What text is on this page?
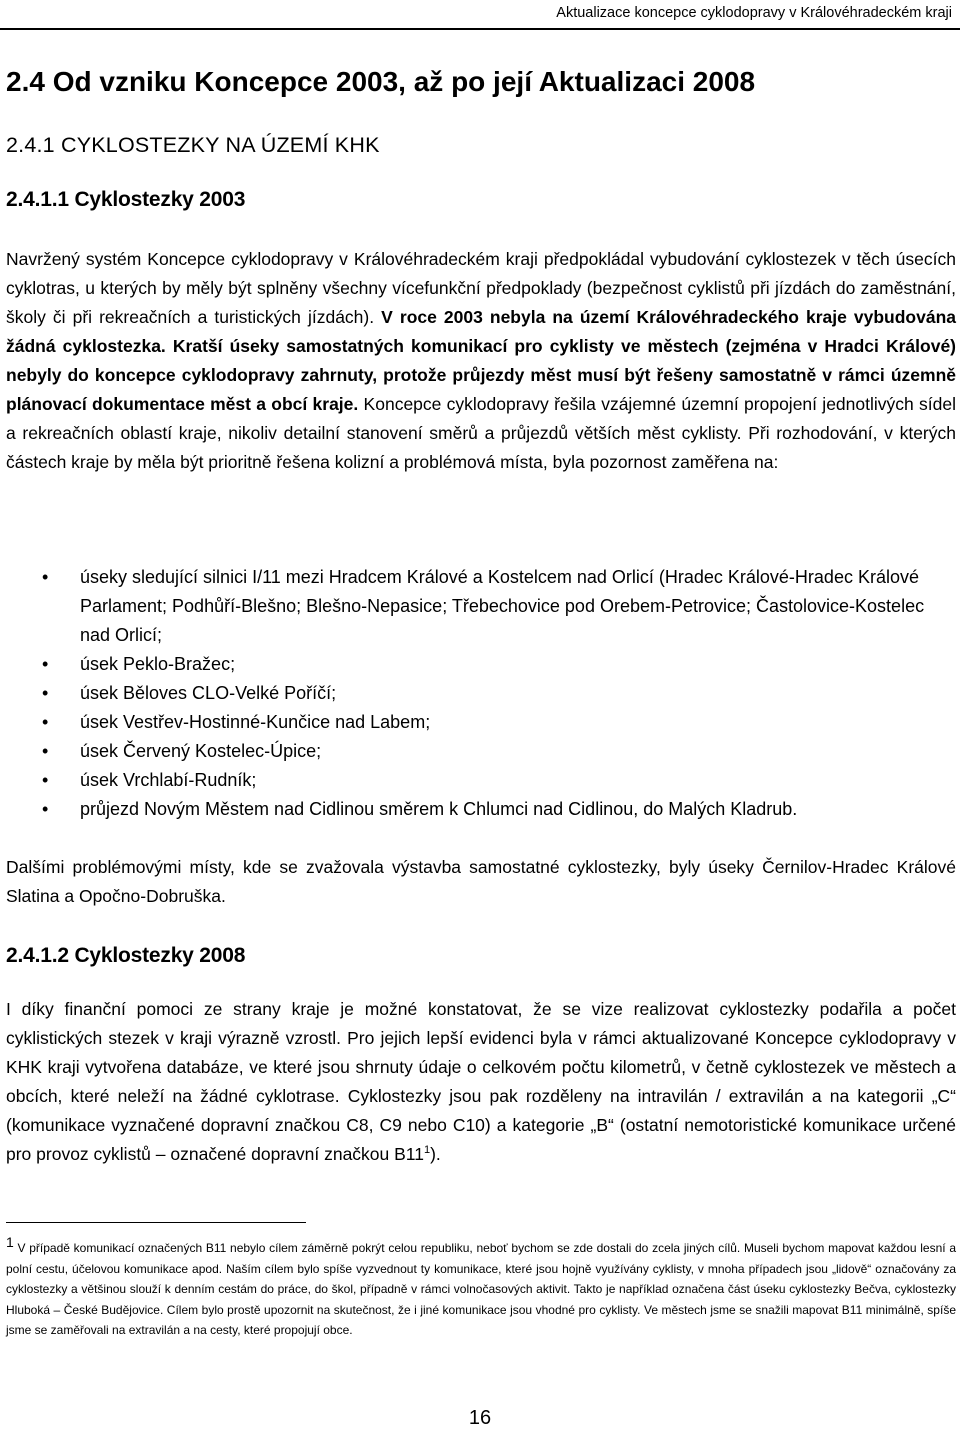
Aktualizace koncepce cyklodopravy v Královéhradeckém kraji
2.4 Od vzniku Koncepce 2003, až po její Aktualizaci 2008
2.4.1 CYKLOSTEZKY NA ÚZEMÍ KHK
2.4.1.1 Cyklostezky 2003

Navržený systém Koncepce cyklodopravy v Královéhradeckém kraji předpokládal vybudování cyklostezek v těch úsecích cyklotras, u kterých by měly být splněny všechny vícefunkční předpoklady (bezpečnost cyklistů při jízdách do zaměstnání, školy či při rekreačních a turistických jízdách). V roce 2003 nebyla na území Královéhradeckého kraje vybudována žádná cyklostezka. Kratší úseky samostatných komunikací pro cyklisty ve městech (zejména v Hradci Králové) nebyly do koncepce cyklodopravy zahrnuty, protože průjezdy měst musí být řešeny samostatně v rámci územně plánovací dokumentace měst a obcí kraje. Koncepce cyklodopravy řešila vzájemné územní propojení jednotlivých sídel a rekreačních oblastí kraje, nikoliv detailní stanovení směrů a průjezdů větších měst cyklisty. Při rozhodování, v kterých částech kraje by měla být prioritně řešena kolizní a problémová místa, byla pozornost zaměřena na:

• úseky sledující silnici I/11 mezi Hradcem Králové a Kostelcem nad Orlicí (Hradec Králové-Hradec Králové Parlament; Podhůří-Blešno; Blešno-Nepasice; Třebechovice pod Orebem-Petrovice; Častolovice-Kostelec nad Orlicí;
• úsek Peklo-Bražec;
• úsek Běloves CLO-Velké Poříčí;
• úsek Vestřev-Hostinné-Kunčice nad Labem;
• úsek Červený Kostelec-Úpice;
• úsek Vrchlabí-Rudník;
• průjezd Novým Městem nad Cidlinou směrem k Chlumci nad Cidlinou, do Malých Kladrub.

Dalšími problémovými místy, kde se zvažovala výstavba samostatné cyklostezky, byly úseky Černilov-Hradec Králové Slatina a Opočno-Dobruška.

2.4.1.2 Cyklostezky 2008

I díky finanční pomoci ze strany kraje je možné konstatovat, že se vize realizovat cyklostezky podařila a počet cyklistických stezek v kraji výrazně vzrostl. Pro jejich lepší evidenci byla v rámci aktualizované Koncepce cyklodopravy v KHK kraji vytvořena databáze, ve které jsou shrnuty údaje o celkovém počtu kilometrů, v četně cyklostezek ve městech a obcích, které neleží na žádné cyklotrase. Cyklostezky jsou pak rozděleny na intravilán / extravilán a na kategorii „C“ (komunikace vyznačené dopravní značkou C8, C9 nebo C10) a kategorie „B“ (ostatní nemotoristické komunikace určené pro provoz cyklistů – označené dopravní značkou $B11^1$).

1 V případě komunikací označených B11 nebylo cílem záměrně pokrýt celou republiku, neboť bychom se zde dostali do zcela jiných cílů. Museli bychom mapovat každou lesní a polní cestu, účelovou komunikace apod. Naším cílem bylo spíše vyzvednout ty komunikace, které jsou hojně využívány cyklisty, v mnoha případech jsou „lidově“ označovány za cyklostezky a většinou slouží k denním cestám do práce, do škol, případně v rámci volnočasových aktivit. Takto je například označena část úseku cyklostezky Bečva, cyklostezky Hluboká – České Budějovice. Cílem bylo prostě upozornit na skutečnost, že i jiné komunikace jsou vhodné pro cyklisty. Ve městech jsme se snažili mapovat B11 minimálně, spíše jsme se zaměřovali na extravilán a na cesty, které propojují obce.

16
